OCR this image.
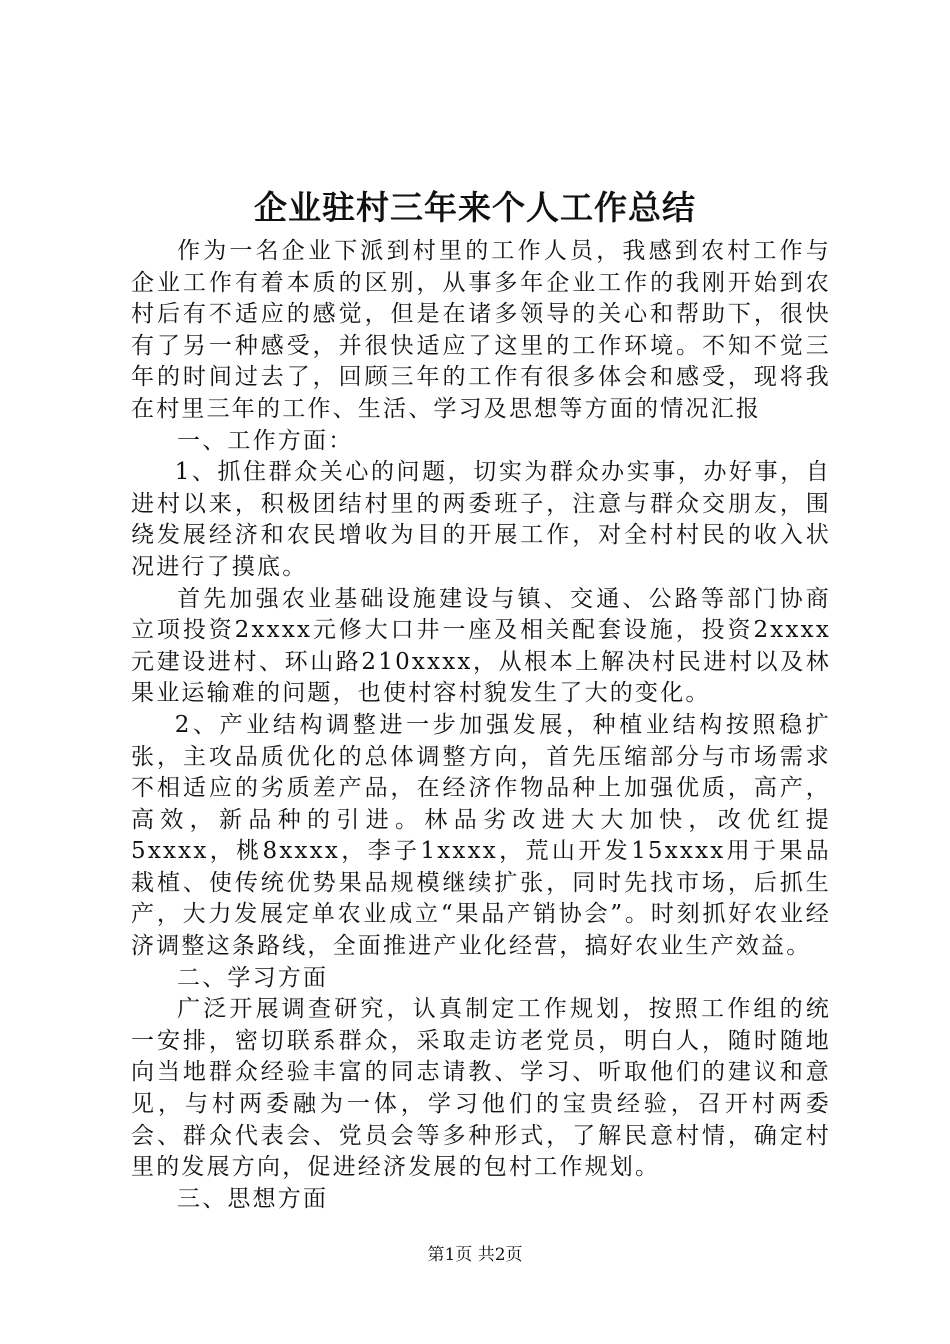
企业驻村三年来个人工作总结

作为一名企业下派到村里的工作人员，我感到农村工作与企业工作有着本质的区别，从事多年企业工作的我刚开始到农村后有不适应的感觉，但是在诸多领导的关心和帮助下，很快有了另一种感受，并很快适应了这里的工作环境。不知不觉三年的时间过去了，回顾三年的工作有很多体会和感受，现将我在村里三年的工作、生活、学习及思想等方面的情况汇报

一、工作方面：

1、抓住群众关心的问题，切实为群众办实事，办好事，自进村以来，积极团结村里的两委班子，注意与群众交朋友，围绕发展经济和农民增收为目的开展工作，对全村村民的收入状况进行了摸底。

首先加强农业基础设施建设与镇、交通、公路等部门协商立项投资2xxxx元修大口井一座及相关配套设施，投资2xxxx元建设进村、环山路210xxxx，从根本上解决村民进村以及林果业运输难的问题，也使村容村貌发生了大的变化。

2、产业结构调整进一步加强发展，种植业结构按照稳扩张，主攻品质优化的总体调整方向，首先压缩部分与市场需求不相适应的劣质差产品，在经济作物品种上加强优质，高产，高效，新品种的引进。林品劣改进大大加快，改优红提5xxxx，桃8xxxx，李子1xxxx，荒山开发15xxxx用于果品栽植、使传统优势果品规模继续扩张，同时先找市场，后抓生产，大力发展定单农业成立“果品产销协会”。时刻抓好农业经济调整这条路线，全面推进产业化经营，搞好农业生产效益。

二、学习方面

广泛开展调查研究，认真制定工作规划，按照工作组的统一安排，密切联系群众，采取走访老党员，明白人，随时随地向当地群众经验丰富的同志请教、学习、听取他们的建议和意见，与村两委融为一体，学习他们的宝贵经验，召开村两委会、群众代表会、党员会等多种形式，了解民意村情，确定村里的发展方向，促进经济发展的包村工作规划。

三、思想方面

第1页 共2页
